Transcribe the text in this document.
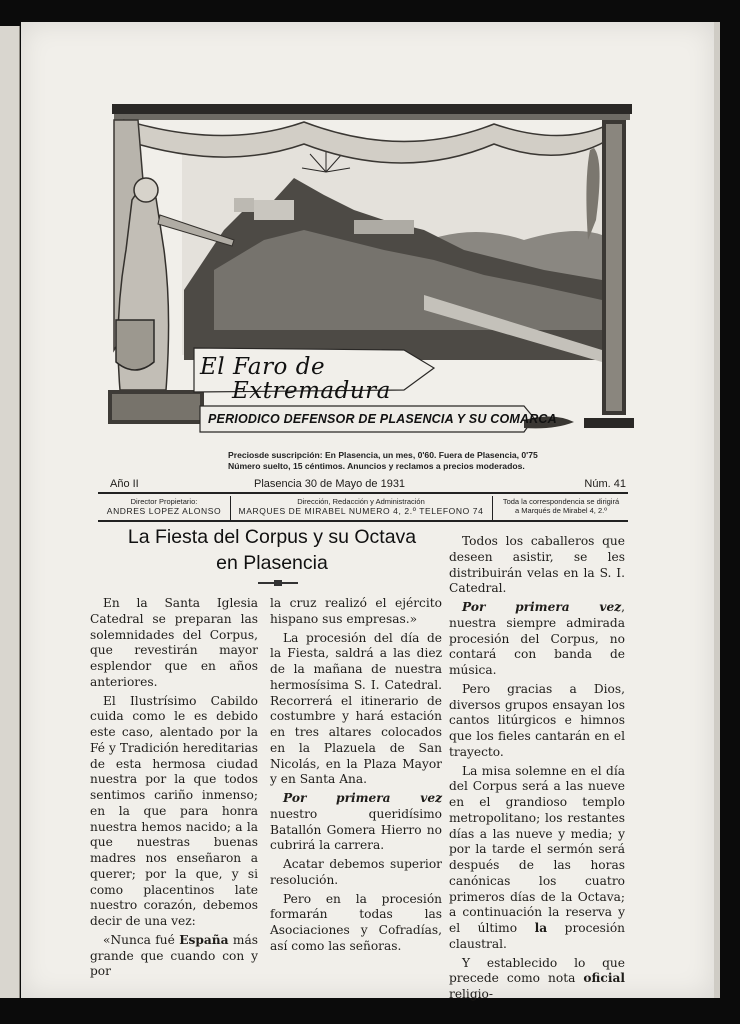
El Faro de
Extremadura
PERIODICO DEFENSOR DE PLASENCIA Y SU COMARCA
Preciosde suscripción: En Plasencia, un mes, 0'60. Fuera de Plasencia, 0'75
Número suelto, 15 céntimos. Anuncios y reclamos a precios moderados.
Año II	Plasencia 30 de Mayo de 1931	Núm. 41
Director Propietario:
ANDRES LOPEZ ALONSO
Dirección, Redacción y Administración
MARQUES DE MIRABEL NUMERO 4, 2.º TELEFONO 74
Toda la correspondencia se dirigirá
a Marqués de Mirabel 4, 2.º
La Fiesta del Corpus y su Octava
en Plasencia

En la Santa Iglesia Catedral se preparan las solemnidades del Corpus, que revestirán mayor esplendor que en años anteriores.

El Ilustrísimo Cabildo cuida como le es debido este caso, alentado por la Fé y Tradición hereditarias de esta hermosa ciudad nuestra por la que todos sentimos cariño inmenso; en la que para honra nuestra hemos nacido; a la que nuestras buenas madres nos enseñaron a querer; por la que, y si como placentinos late nuestro corazón, debemos decir de una vez:

«Nunca fué España más grande que cuando con y por

la cruz realizó el ejército hispano sus empresas.»

La procesión del día de la Fiesta, saldrá a las diez de la mañana de nuestra hermosísima S. I. Catedral. Recorrerá el itinerario de costumbre y hará estación en tres altares colocados en la Plazuela de San Nicolás, en la Plaza Mayor y en Santa Ana.

Por primera vez nuestro queridísimo Batallón Gomera Hierro no cubrirá la carrera.

Acatar debemos superior resolución.

Pero en la procesión formarán todas las Asociaciones y Cofradías, así como las señoras.

Todos los caballeros que deseen asistir, se les distribuirán velas en la S. I. Catedral.

Por primera vez, nuestra siempre admirada procesión del Corpus, no contará con banda de música.

Pero gracias a Dios, diversos grupos ensayan los cantos litúrgicos e himnos que los fieles cantarán en el trayecto.

La misa solemne en el día del Corpus será a las nueve en el grandioso templo metropolitano; los restantes días a las nueve y media; y por la tarde el sermón será después de las horas canónicas los cuatro primeros días de la Octava; a continuación la reserva y el último la procesión claustral.

Y establecido lo que precede como nota oficial religio-
